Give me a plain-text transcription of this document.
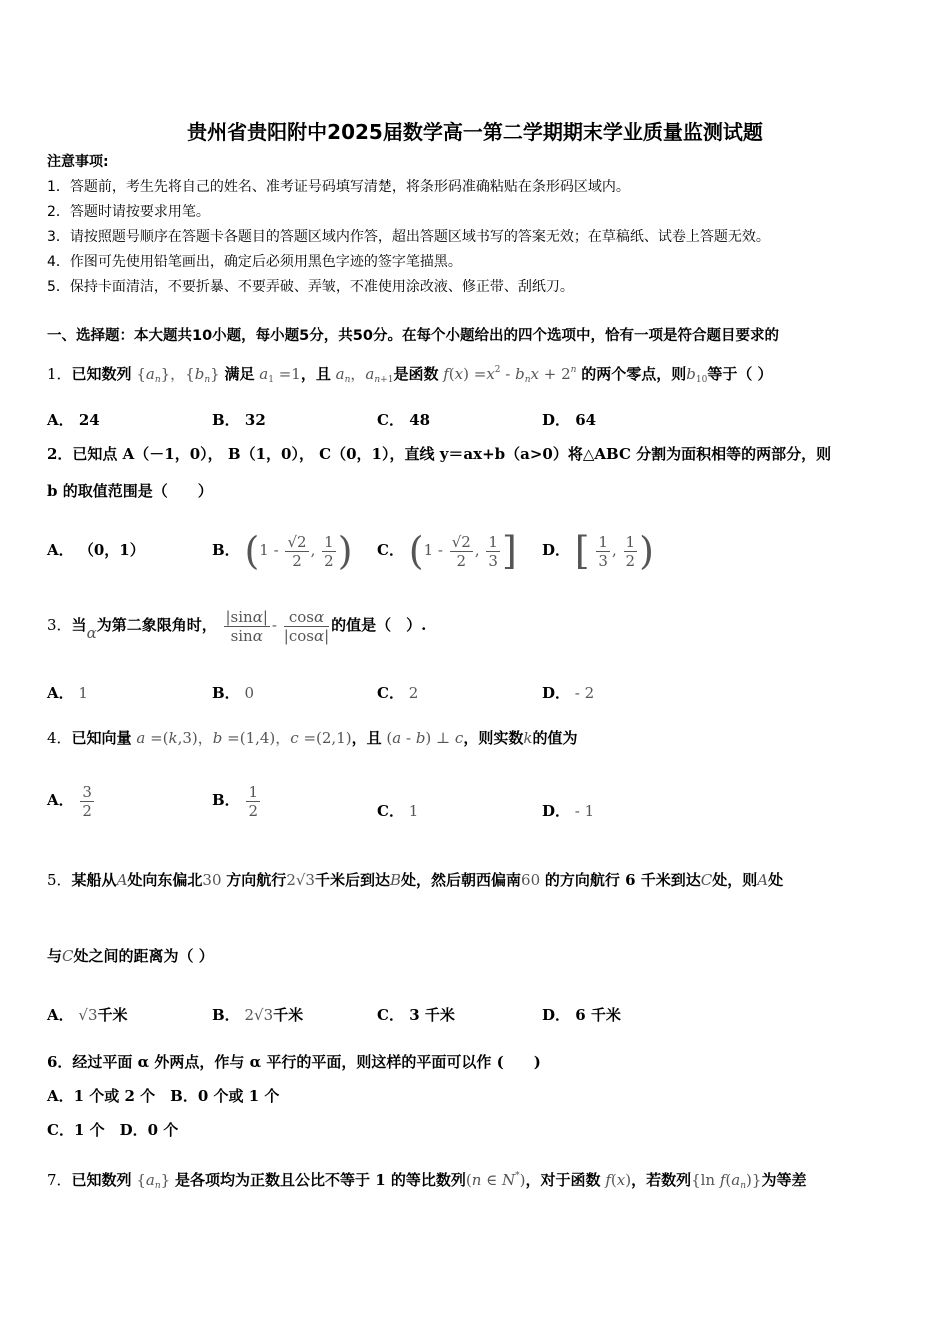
贵州省贵阳附中2025届数学高一第二学期期末学业质量监测试题
注意事项:
1．答题前，考生先将自己的姓名、准考证号码填写清楚，将条形码准确粘贴在条形码区域内。
2．答题时请按要求用笔。
3．请按照题号顺序在答题卡各题目的答题区域内作答，超出答题区域书写的答案无效；在草稿纸、试卷上答题无效。
4．作图可先使用铅笔画出，确定后必须用黑色字迹的签字笔描黑。
5．保持卡面清洁，不要折暴、不要弄破、弄皱，不准使用涂改液、修正带、刮纸刀。
一、选择题：本大题共10小题，每小题5分，共50分。在每个小题给出的四个选项中，恰有一项是符合题目要求的
1．已知数列 $\{a_n\}$，$\{b_n\}$ 满足 $a_1 =1$，且 $a_n$，$a_{n+1}$是函数 $f(x) =x^2 - b_nx + 2^n$ 的两个零点，则$b_{10}$等于（ ）
A． 24	B． 32	C． 48	D． 64
2．已知点 A（－1，0）， B（1，0）， C（0，1），直线 y＝ax+b（a>0）将△ABC 分割为面积相等的两部分，则
b 的取值范围是（　　）
A． （0，1）	B． ($1 - \frac{√2}{2}$ , $\frac{1}{2}$ ) C． ($1 - \frac{√2}{2}$ , $\frac{1}{3}$ ] D． [ $\frac{1}{3}$ , $\frac{1}{2}$ )
3．当α为第二象限角时， $\frac{|\sin\alpha|}{\sin\alpha} - \frac{\cos\alpha}{|\cos\alpha|}$ 的值是（　）.
A． 1	B． 0	C． 2	D． - 2
4．已知向量 a =(k,3)，b =(1,4)，c =(2,1)，且 (a - b) ⊥ c，则实数k的值为
A． $\frac{3}{2}$	B． $\frac{1}{2}$	C． 1	D． - 1
5．某船从A处向东偏北30 方向航行2√3千米后到达B处，然后朝西偏南60 的方向航行 6 千米到达C处，则A处
与C处之间的距离为（ ）
A． √3千米	B． 2√3千米	C． 3 千米	D． 6 千米
6．经过平面 α 外两点，作与 α 平行的平面，则这样的平面可以作 (　　)
A．1 个或 2 个　B．0 个或 1 个
C．1 个　D．0 个
7．已知数列 $\{a_n\}$ 是各项均为正数且公比不等于 1 的等比数列(n ∈ N*)，对于函数 f(x)，若数列{ln $f(a_n)$}为等差
